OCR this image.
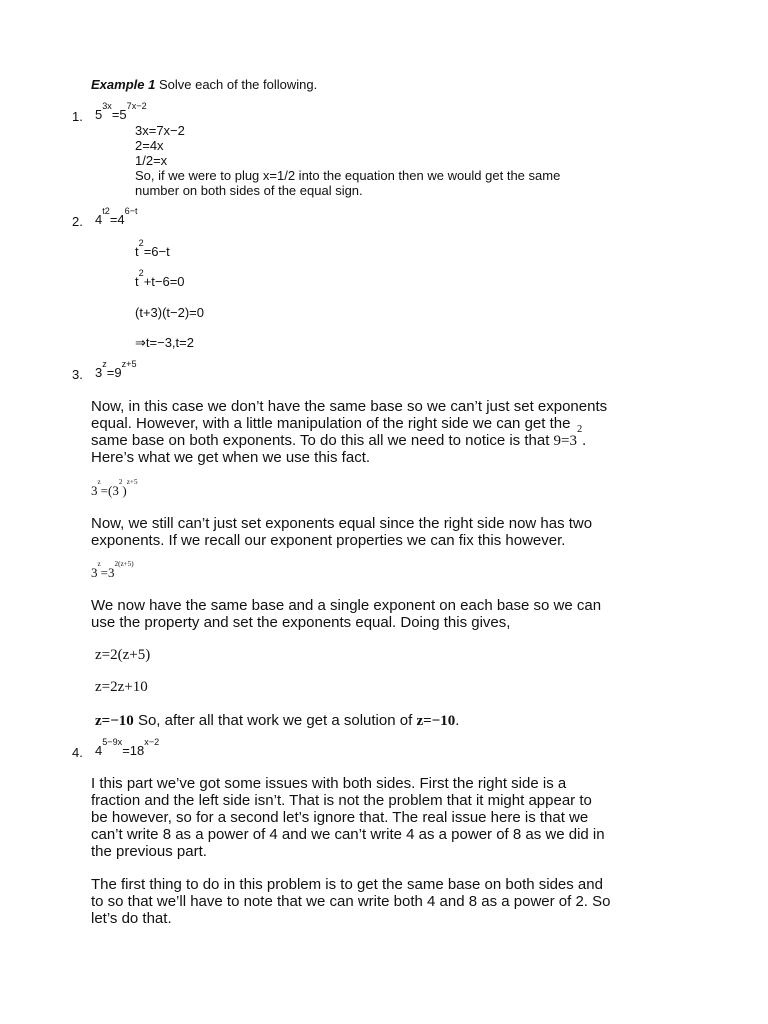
Example 1 Solve each of the following.
1. $5^{3x}=5^{7x-2}$
3x=7x−2
2=4x
1/2=x
So, if we were to plug x=1/2 into the equation then we would get the same
number on both sides of the equal sign.
2. $4^{t2}=4^{6-t}$
$t^2=6-t$
$t^2+t-6=0$
(t+3)(t−2)=0
⇒t=−3,t=2
3. $3^z=9^{z+5}$
Now, in this case we don’t have the same base so we can’t just set exponents
equal. However, with a little manipulation of the right side we can get the
same base on both exponents. To do this all we need to notice is that $9=3^2$.
Here’s what we get when we use this fact.
$3^z=(3^2)^{z+5}$
Now, we still can’t just set exponents equal since the right side now has two
exponents. If we recall our exponent properties we can fix this however.
$3^z=3^{2(z+5)}$
We now have the same base and a single exponent on each base so we can
use the property and set the exponents equal. Doing this gives,
z=2(z+5)
z=2z+10
z=−10 So, after all that work we get a solution of z=−10.
4. $4^{5-9x}=18^{x-2}$
I this part we’ve got some issues with both sides. First the right side is a
fraction and the left side isn’t. That is not the problem that it might appear to
be however, so for a second let’s ignore that. The real issue here is that we
can’t write 8 as a power of 4 and we can’t write 4 as a power of 8 as we did in
the previous part.
The first thing to do in this problem is to get the same base on both sides and
to so that we’ll have to note that we can write both 4 and 8 as a power of 2. So
let’s do that.
